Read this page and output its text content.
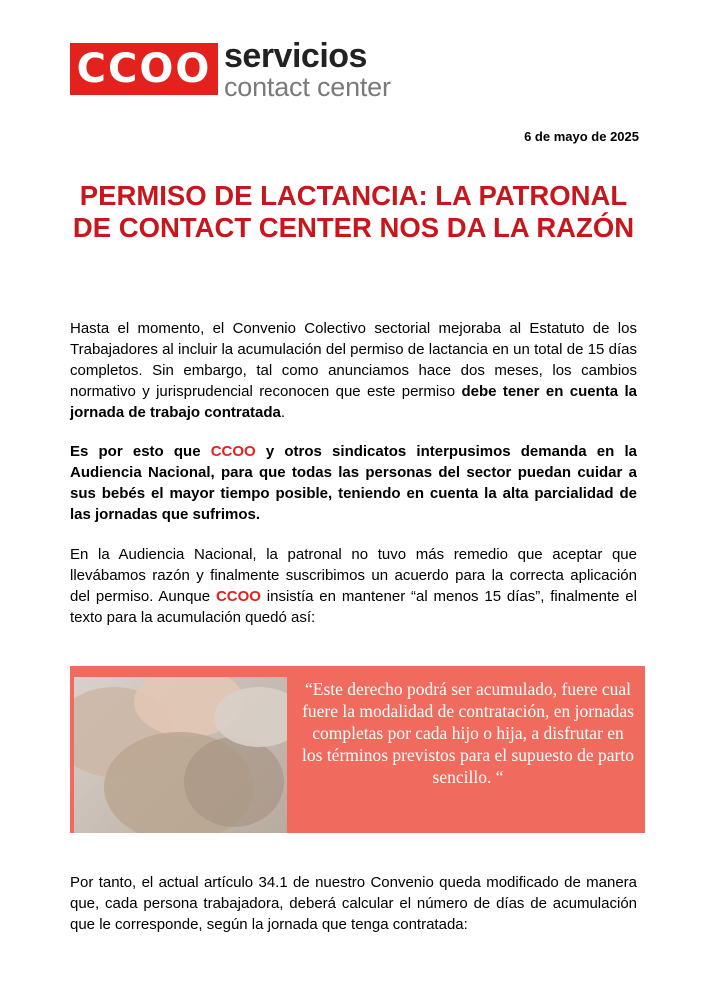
CCOO servicios
contact center
6 de mayo de 2025
PERMISO DE LACTANCIA: LA PATRONAL DE CONTACT CENTER NOS DA LA RAZÓN

Hasta el momento, el Convenio Colectivo sectorial mejoraba al Estatuto de los Trabajadores al incluir la acumulación del permiso de lactancia en un total de 15 días completos. Sin embargo, tal como anunciamos hace dos meses, los cambios normativo y jurisprudencial reconocen que este permiso debe tener en cuenta la jornada de trabajo contratada.

Es por esto que CCOO y otros sindicatos interpusimos demanda en la Audiencia Nacional, para que todas las personas del sector puedan cuidar a sus bebés el mayor tiempo posible, teniendo en cuenta la alta parcialidad de las jornadas que sufrimos.

En la Audiencia Nacional, la patronal no tuvo más remedio que aceptar que llevábamos razón y finalmente suscribimos un acuerdo para la correcta aplicación del permiso. Aunque CCOO insistía en mantener “al menos 15 días”, finalmente el texto para la acumulación quedó así:

“Este derecho podrá ser acumulado, fuere cual fuere la modalidad de contratación, en jornadas completas por cada hijo o hija, a disfrutar en los términos previstos para el supuesto de parto sencillo. “

Por tanto, el actual artículo 34.1 de nuestro Convenio queda modificado de manera que, cada persona trabajadora, deberá calcular el número de días de acumulación que le corresponde, según la jornada que tenga contratada:
